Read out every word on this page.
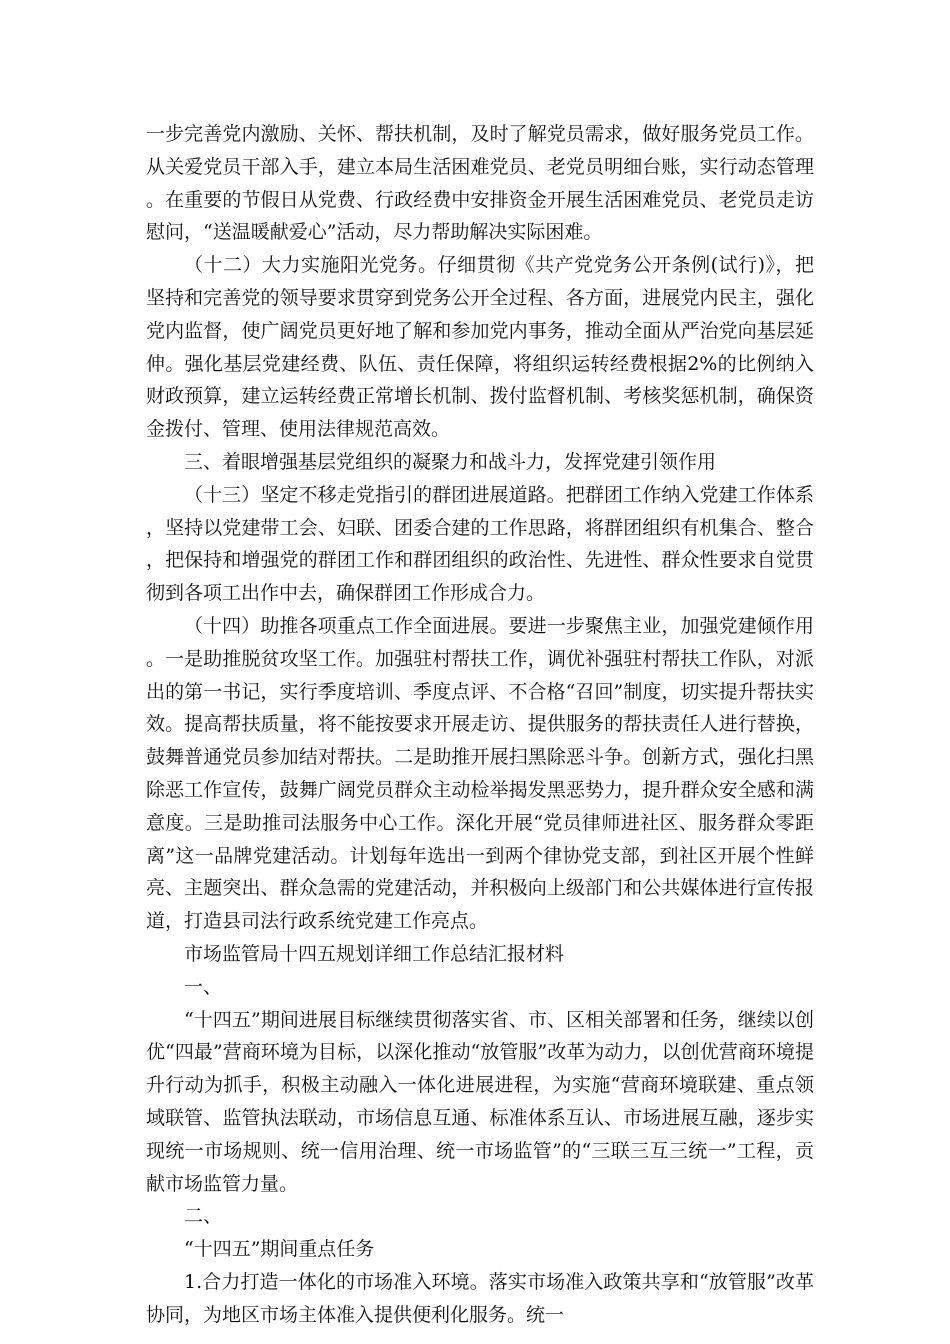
一步完善党内激励、关怀、帮扶机制，及时了解党员需求，做好服务党员工作。从关爱党员干部入手，建立本局生活困难党员、老党员明细台账，实行动态管理。在重要的节假日从党费、行政经费中安排资金开展生活困难党员、老党员走访慰问，“送温暖献爱心”活动，尽力帮助解决实际困难。

（十二）大力实施阳光党务。仔细贯彻《共产党党务公开条例(试行)》，把坚持和完善党的领导要求贯穿到党务公开全过程、各方面，进展党内民主，强化党内监督，使广阔党员更好地了解和参加党内事务，推动全面从严治党向基层延伸。强化基层党建经费、队伍、责任保障，将组织运转经费根据2%的比例纳入财政预算，建立运转经费正常增长机制、拨付监督机制、考核奖惩机制，确保资金拨付、管理、使用法律规范高效。

三、着眼增强基层党组织的凝聚力和战斗力，发挥党建引领作用

（十三）坚定不移走党指引的群团进展道路。把群团工作纳入党建工作体系，坚持以党建带工会、妇联、团委合建的工作思路，将群团组织有机集合、整合，把保持和增强党的群团工作和群团组织的政治性、先进性、群众性要求自觉贯彻到各项工出作中去，确保群团工作形成合力。

（十四）助推各项重点工作全面进展。要进一步聚焦主业，加强党建倾作用。一是助推脱贫攻坚工作。加强驻村帮扶工作，调优补强驻村帮扶工作队，对派出的第一书记，实行季度培训、季度点评、不合格“召回”制度，切实提升帮扶实效。提高帮扶质量，将不能按要求开展走访、提供服务的帮扶责任人进行替换，鼓舞普通党员参加结对帮扶。二是助推开展扫黑除恶斗争。创新方式，强化扫黑除恶工作宣传，鼓舞广阔党员群众主动检举揭发黑恶势力，提升群众安全感和满意度。三是助推司法服务中心工作。深化开展“党员律师进社区、服务群众零距离”这一品牌党建活动。计划每年选出一到两个律协党支部，到社区开展个性鲜亮、主题突出、群众急需的党建活动，并积极向上级部门和公共媒体进行宣传报道，打造县司法行政系统党建工作亮点。

市场监管局十四五规划详细工作总结汇报材料

一、

“十四五”期间进展目标继续贯彻落实省、市、区相关部署和任务，继续以创优“四最”营商环境为目标，以深化推动“放管服”改革为动力，以创优营商环境提升行动为抓手，积极主动融入一体化进展进程，为实施“营商环境联建、重点领域联管、监管执法联动，市场信息互通、标准体系互认、市场进展互融，逐步实现统一市场规则、统一信用治理、统一市场监管”的“三联三互三统一”工程，贡献市场监管力量。

二、

“十四五”期间重点任务

1.合力打造一体化的市场准入环境。落实市场准入政策共享和“放管服”改革协同，为地区市场主体准入提供便利化服务。统一
